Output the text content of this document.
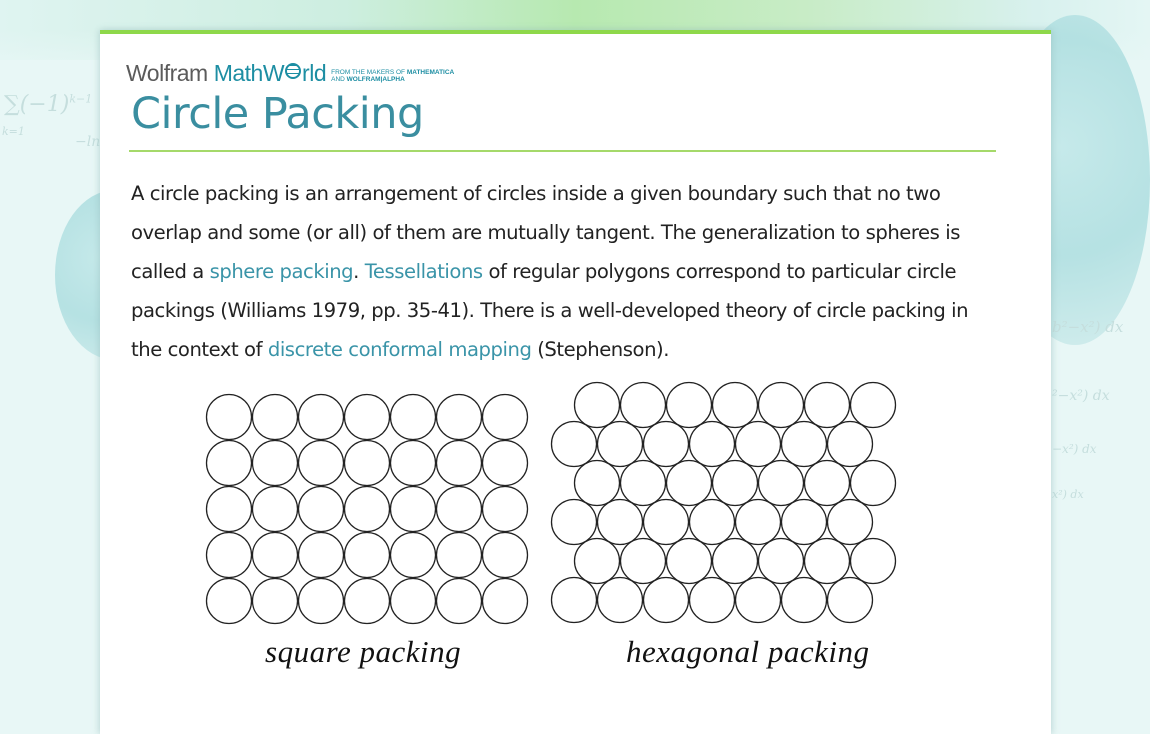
$\sum(-1)^{k-1}$
k=1
−ln
b²−x²) dx
²−x²) dx
−x²) dx
x²) dx
Wolfram MathW rld FROM THE MAKERS OF MATHEMATICA
AND WOLFRAM|ALPHA
Circle Packing

A circle packing is an arrangement of circles inside a given boundary such that no two overlap and some (or all) of them are mutually tangent. The generalization to spheres is called a sphere packing. Tessellations of regular polygons correspond to particular circle packings (Williams 1979, pp. 35-41). There is a well-developed theory of circle packing in the context of discrete conformal mapping (Stephenson).

square packing	hexagonal packing
